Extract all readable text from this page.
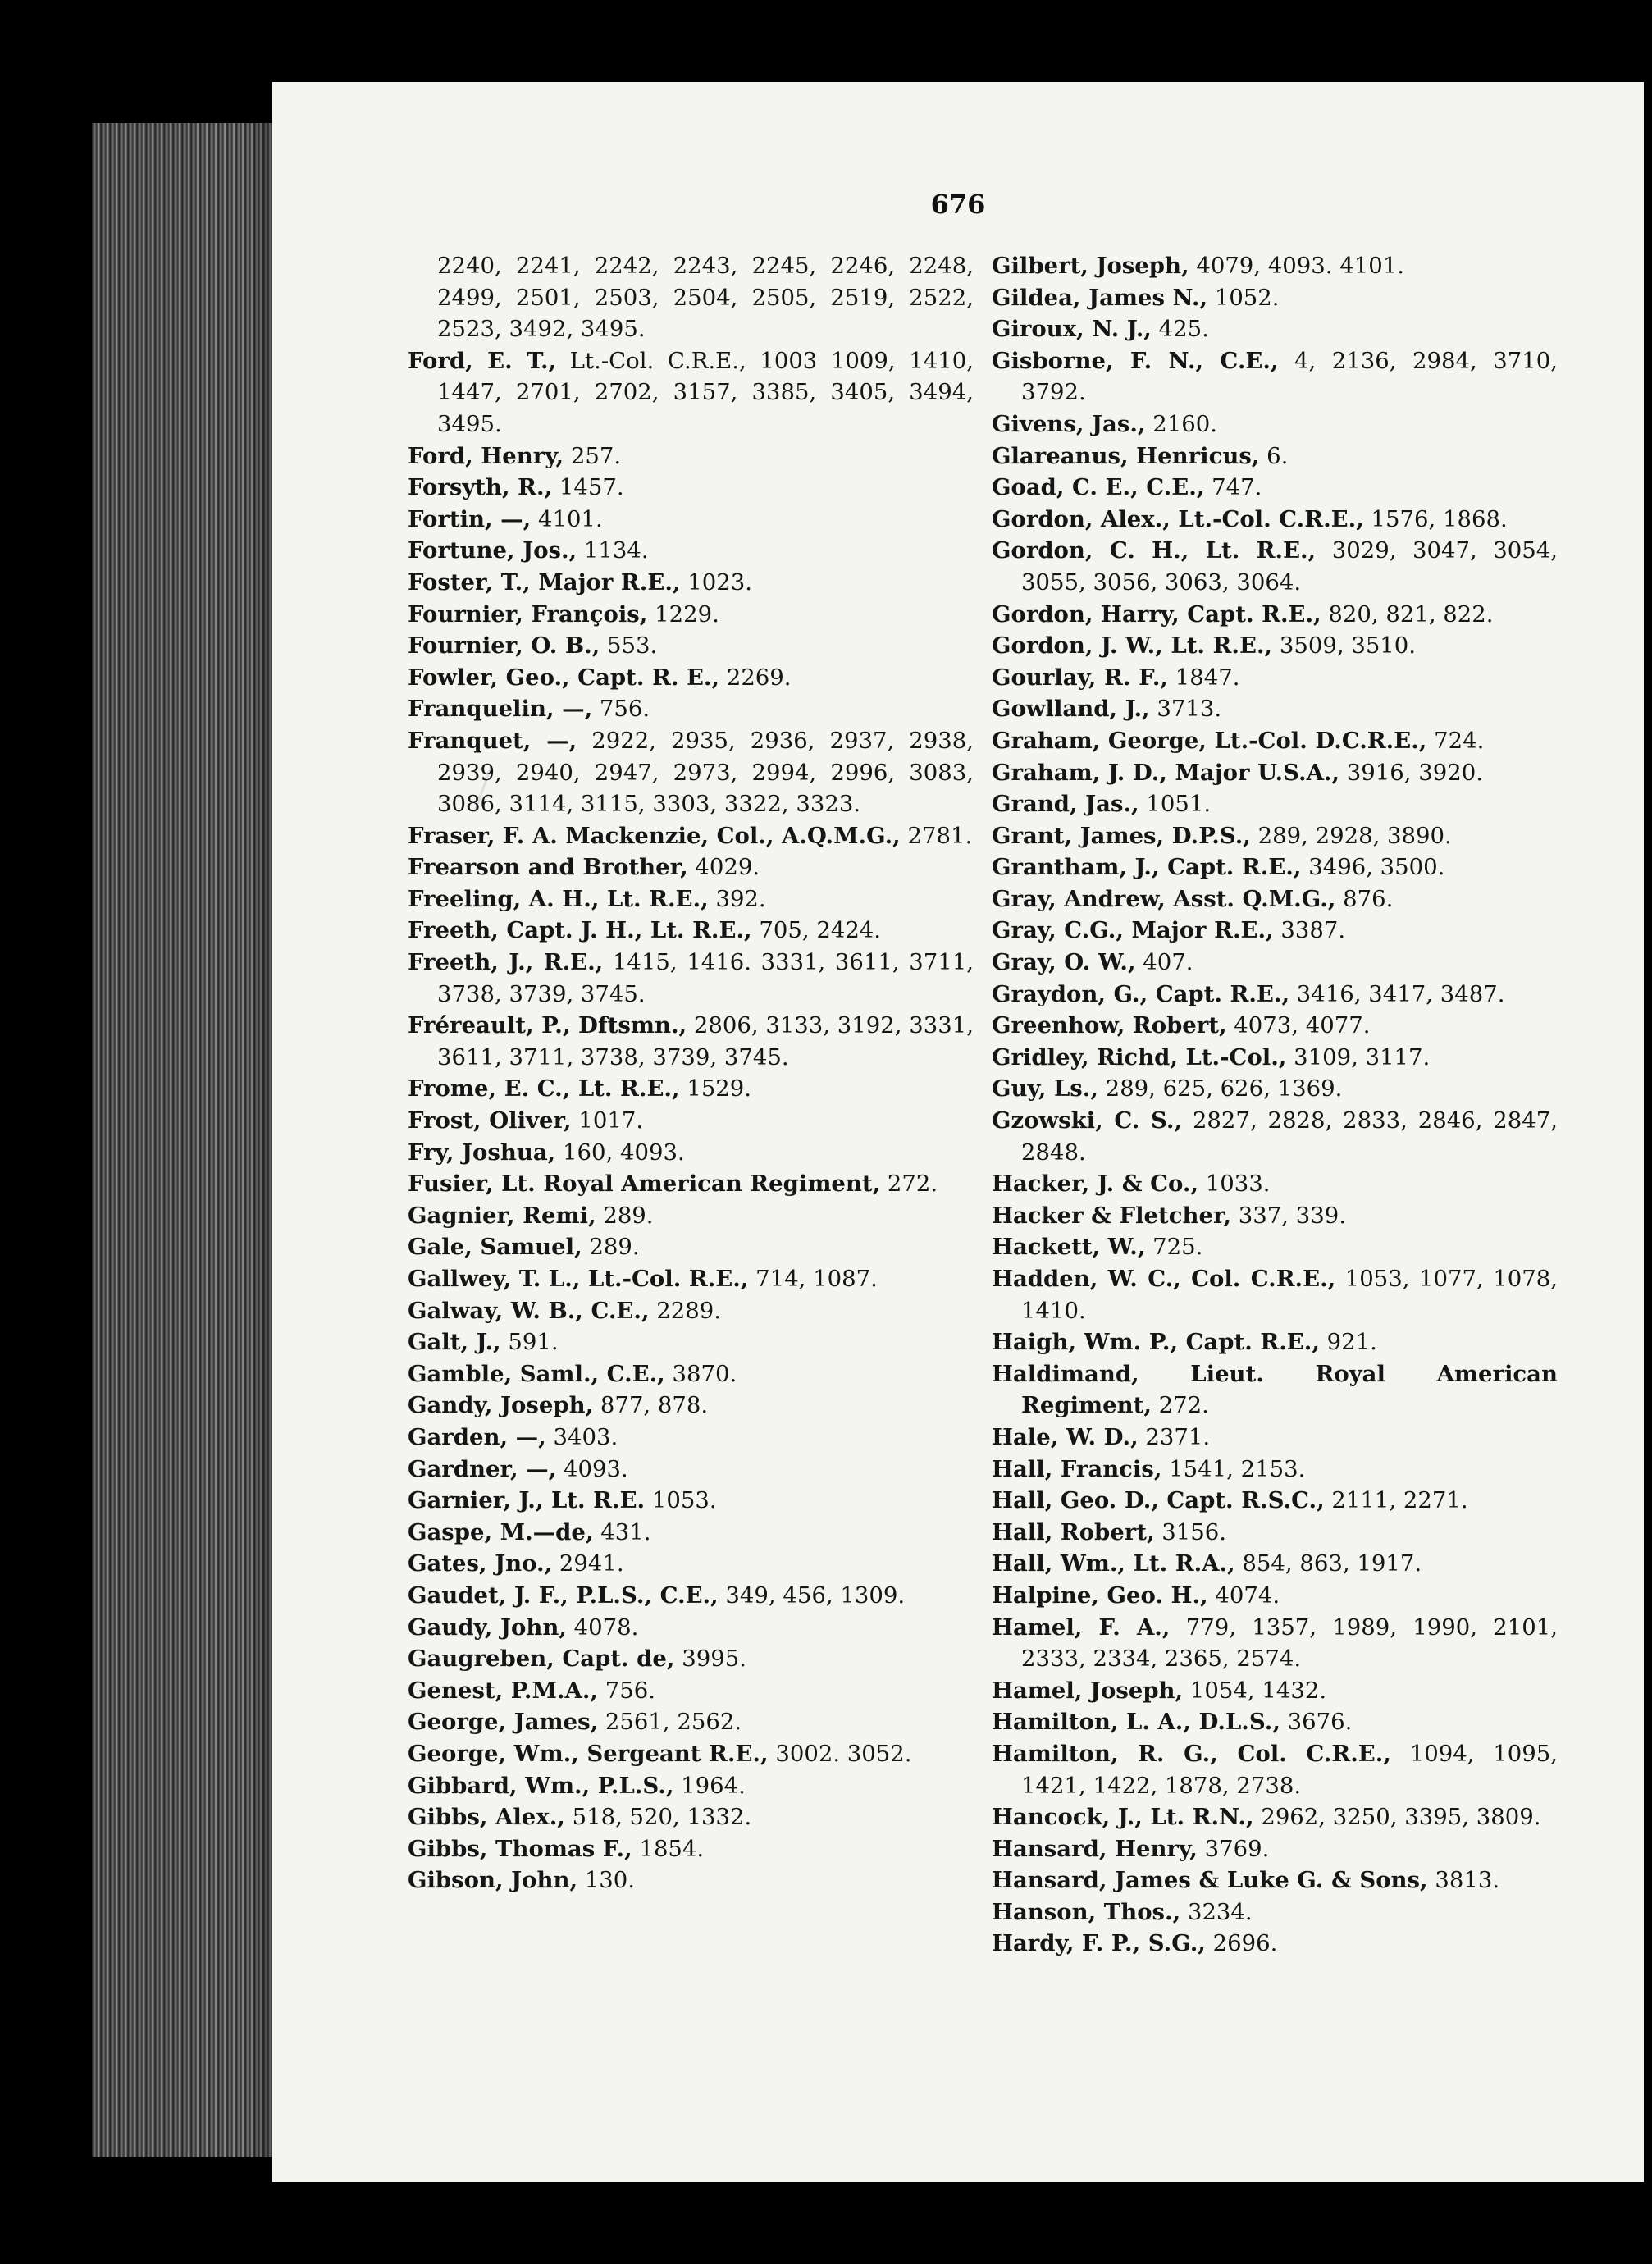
676
2240, 2241, 2242, 2243, 2245, 2246, 2248, 2499, 2501, 2503, 2504, 2505, 2519, 2522, 2523, 3492, 3495.
Ford, E. T., Lt.-Col. C.R.E., 1003 1009, 1410, 1447, 2701, 2702, 3157, 3385, 3405, 3494, 3495.
Ford, Henry, 257.
Forsyth, R., 1457.
Fortin, —, 4101.
Fortune, Jos., 1134.
Foster, T., Major R.E., 1023.
Fournier, François, 1229.
Fournier, O. B., 553.
Fowler, Geo., Capt. R. E., 2269.
Franquelin, —, 756.
Franquet, —, 2922, 2935, 2936, 2937, 2938, 2939, 2940, 2947, 2973, 2994, 2996, 3083, 3086, 3114, 3115, 3303, 3322, 3323.
Fraser, F. A. Mackenzie, Col., A.Q.M.G., 2781.
Frearson and Brother, 4029.
Freeling, A. H., Lt. R.E., 392.
Freeth, Capt. J. H., Lt. R.E., 705, 2424.
Freeth, J., R.E., 1415, 1416. 3331, 3611, 3711, 3738, 3739, 3745.
Fréreault, P., Dftsmn., 2806, 3133, 3192, 3331, 3611, 3711, 3738, 3739, 3745.
Frome, E. C., Lt. R.E., 1529.
Frost, Oliver, 1017.
Fry, Joshua, 160, 4093.
Fusier, Lt. Royal American Regiment, 272.
Gagnier, Remi, 289.
Gale, Samuel, 289.
Gallwey, T. L., Lt.-Col. R.E., 714, 1087.
Galway, W. B., C.E., 2289.
Galt, J., 591.
Gamble, Saml., C.E., 3870.
Gandy, Joseph, 877, 878.
Garden, —, 3403.
Gardner, —, 4093.
Garnier, J., Lt. R.E. 1053.
Gaspe, M.—de, 431.
Gates, Jno., 2941.
Gaudet, J. F., P.L.S., C.E., 349, 456, 1309.
Gaudy, John, 4078.
Gaugreben, Capt. de, 3995.
Genest, P.M.A., 756.
George, James, 2561, 2562.
George, Wm., Sergeant R.E., 3002. 3052.
Gibbard, Wm., P.L.S., 1964.
Gibbs, Alex., 518, 520, 1332.
Gibbs, Thomas F., 1854.
Gibson, John, 130.
Gilbert, Joseph, 4079, 4093. 4101.
Gildea, James N., 1052.
Giroux, N. J., 425.
Gisborne, F. N., C.E., 4, 2136, 2984, 3710, 3792.
Givens, Jas., 2160.
Glareanus, Henricus, 6.
Goad, C. E., C.E., 747.
Gordon, Alex., Lt.-Col. C.R.E., 1576, 1868.
Gordon, C. H., Lt. R.E., 3029, 3047, 3054, 3055, 3056, 3063, 3064.
Gordon, Harry, Capt. R.E., 820, 821, 822.
Gordon, J. W., Lt. R.E., 3509, 3510.
Gourlay, R. F., 1847.
Gowlland, J., 3713.
Graham, George, Lt.-Col. D.C.R.E., 724.
Graham, J. D., Major U.S.A., 3916, 3920.
Grand, Jas., 1051.
Grant, James, D.P.S., 289, 2928, 3890.
Grantham, J., Capt. R.E., 3496, 3500.
Gray, Andrew, Asst. Q.M.G., 876.
Gray, C.G., Major R.E., 3387.
Gray, O. W., 407.
Graydon, G., Capt. R.E., 3416, 3417, 3487.
Greenhow, Robert, 4073, 4077.
Gridley, Richd, Lt.-Col., 3109, 3117.
Guy, Ls., 289, 625, 626, 1369.
Gzowski, C. S., 2827, 2828, 2833, 2846, 2847, 2848.
Hacker, J. & Co., 1033.
Hacker & Fletcher, 337, 339.
Hackett, W., 725.
Hadden, W. C., Col. C.R.E., 1053, 1077, 1078, 1410.
Haigh, Wm. P., Capt. R.E., 921.
Haldimand, Lieut. Royal American Regiment, 272.
Hale, W. D., 2371.
Hall, Francis, 1541, 2153.
Hall, Geo. D., Capt. R.S.C., 2111, 2271.
Hall, Robert, 3156.
Hall, Wm., Lt. R.A., 854, 863, 1917.
Halpine, Geo. H., 4074.
Hamel, F. A., 779, 1357, 1989, 1990, 2101, 2333, 2334, 2365, 2574.
Hamel, Joseph, 1054, 1432.
Hamilton, L. A., D.L.S., 3676.
Hamilton, R. G., Col. C.R.E., 1094, 1095, 1421, 1422, 1878, 2738.
Hancock, J., Lt. R.N., 2962, 3250, 3395, 3809.
Hansard, Henry, 3769.
Hansard, James & Luke G. & Sons, 3813.
Hanson, Thos., 3234.
Hardy, F. P., S.G., 2696.
